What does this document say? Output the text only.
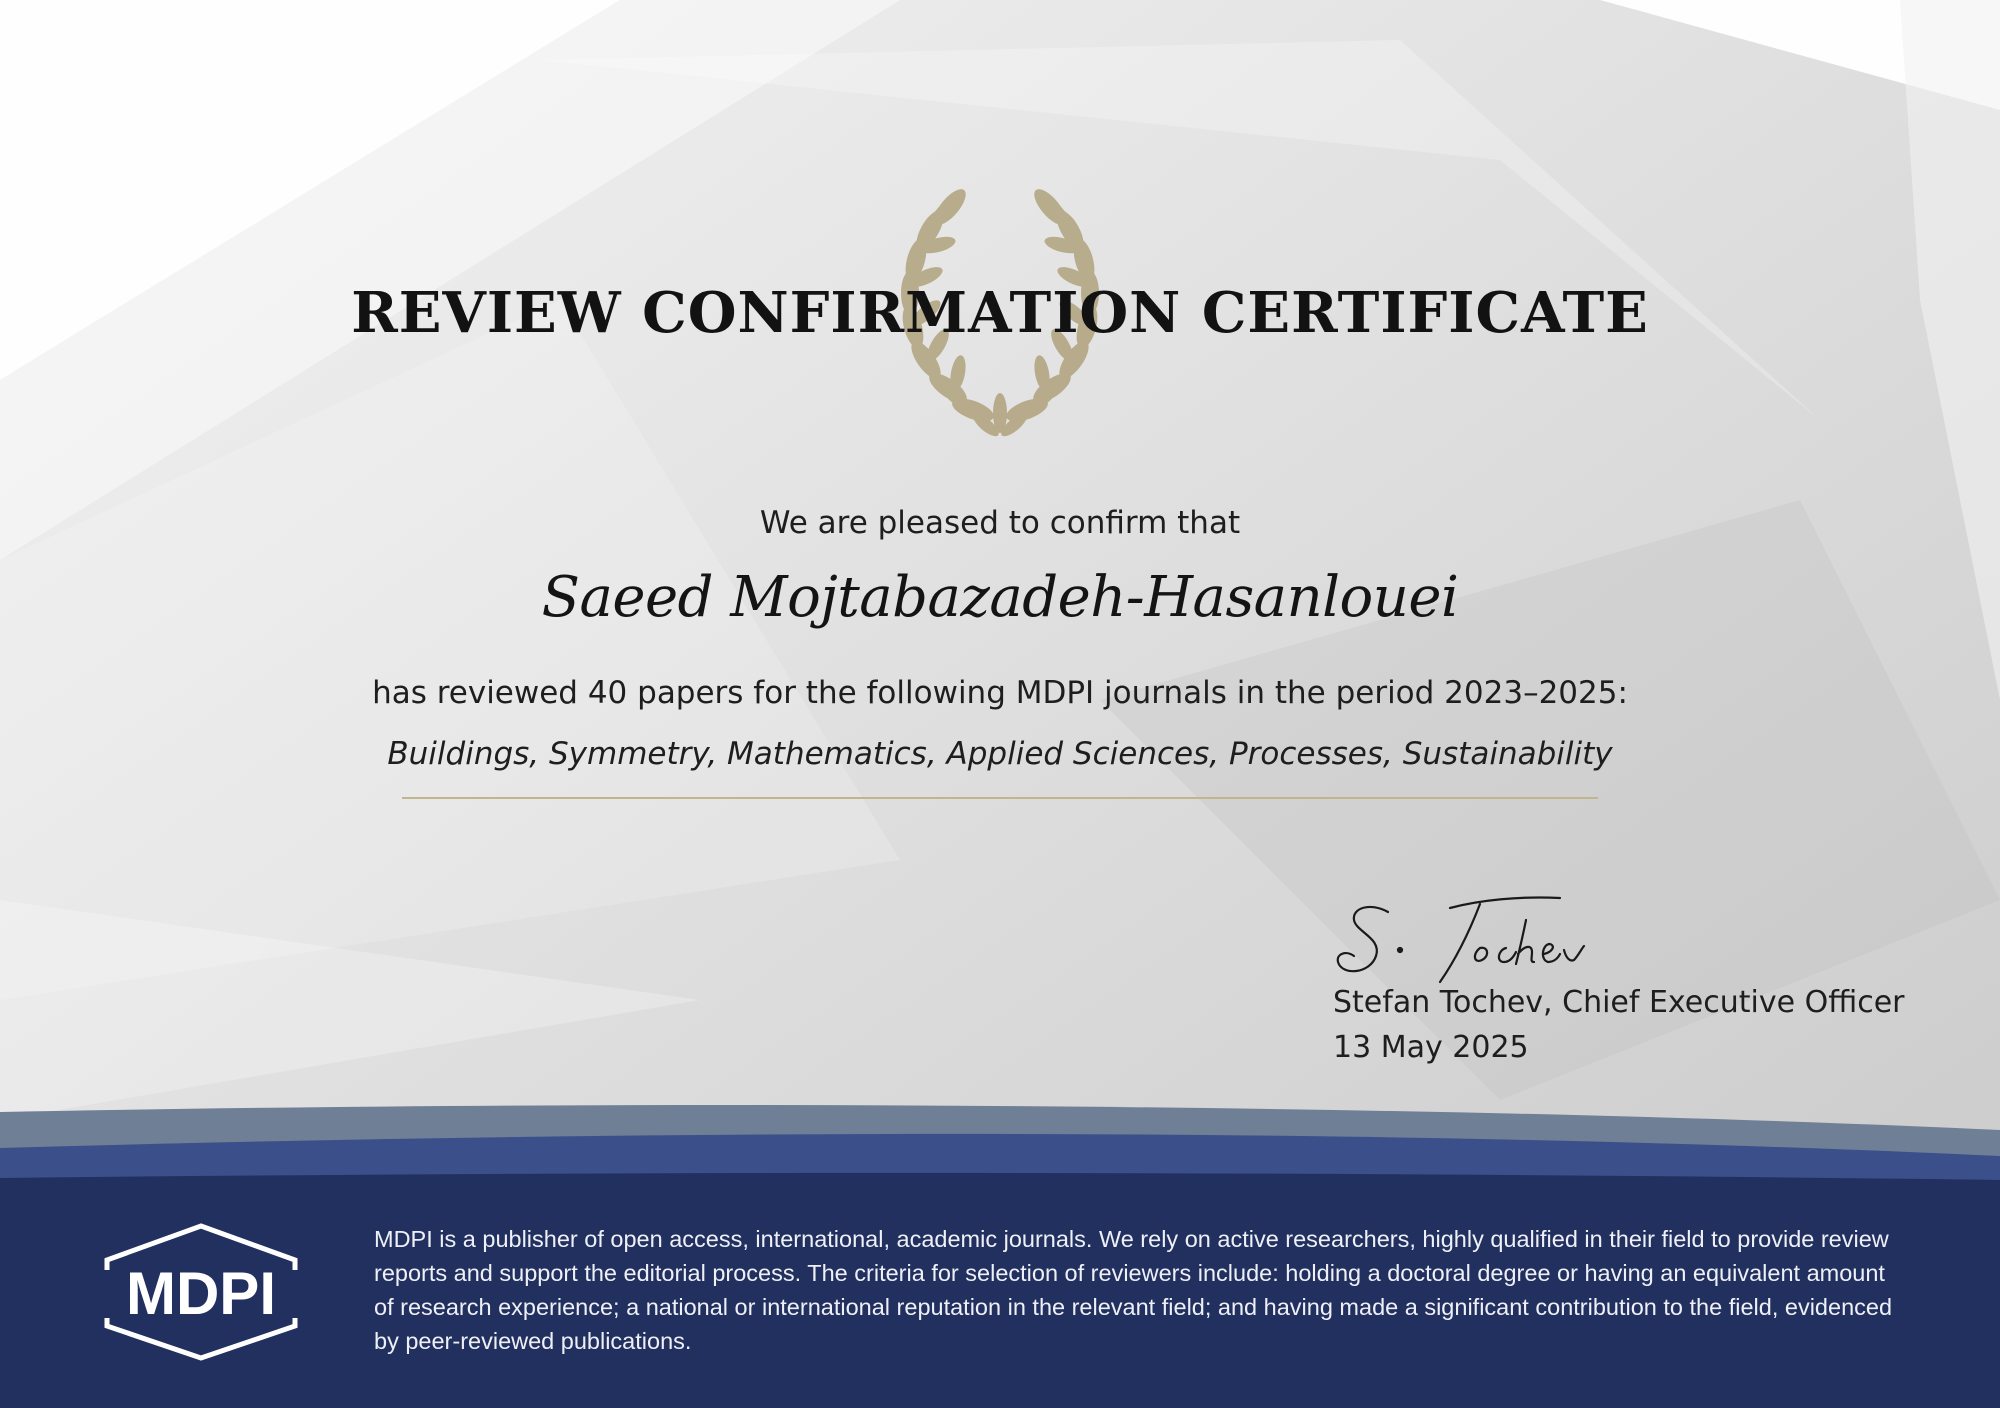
REVIEW CONFIRMATION CERTIFICATE
We are pleased to confirm that
Saeed Mojtabazadeh-Hasanlouei
has reviewed 40 papers for the following MDPI journals in the period 2023–2025:
Buildings, Symmetry, Mathematics, Applied Sciences, Processes, Sustainability
Stefan Tochev, Chief Executive Officer
13 May 2025
MDPI

MDPI is a publisher of open access, international, academic journals. We rely on active researchers, highly qualified in their field to provide review reports and support the editorial process. The criteria for selection of reviewers include: holding a doctoral degree or having an equivalent amount of research experience; a national or international reputation in the relevant field; and having made a significant contribution to the field, evidenced by peer-reviewed publications.
